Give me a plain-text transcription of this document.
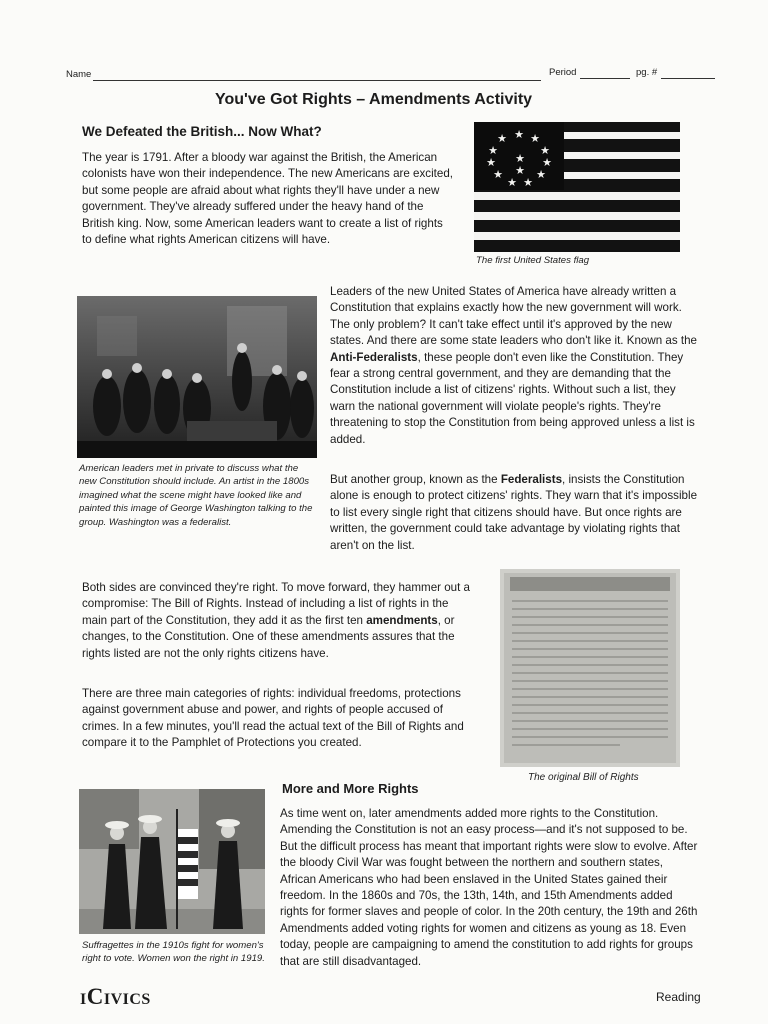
Name	Period	pg. #
You've Got Rights – Amendments Activity
We Defeated the British... Now What?
The year is 1791. After a bloody war against the British, the American colonists have won their independence. The new Americans are excited, but some people are afraid about what rights they'll have under a new government. They've already suffered under the heavy hand of the British king. Now, some American leaders want to create a list of rights to define what rights American citizens will have.
★ ★
★
★
★
★
★
★
★
★
★
★
★
The first United States flag
American leaders met in private to discuss what the new Constitution should include. An artist in the 1800s imagined what the scene might have looked like and painted this image of George Washington talking to the group. Washington was a federalist.

Leaders of the new United States of America have already written a Constitution that explains exactly how the new government will work. The only problem? It can't take effect until it's approved by the new states. And there are some state leaders who don't like it. Known as the Anti-Federalists, these people don't even like the Constitution. They fear a strong central government, and they are demanding that the Constitution include a list of citizens' rights. Without such a list, they warn the national government will violate people's rights. They're threatening to stop the Constitution from being approved unless a list is added.

But another group, known as the Federalists, insists the Constitution alone is enough to protect citizens' rights. They warn that it's impossible to list every single right that citizens should have. But once rights are written, the government could take advantage by violating rights that aren't on the list.

Both sides are convinced they're right. To move forward, they hammer out a compromise: The Bill of Rights. Instead of including a list of rights in the main part of the Constitution, they add it as the first ten amendments, or changes, to the Constitution. One of these amendments assures that the rights listed are not the only rights citizens have.

There are three main categories of rights: individual freedoms, protections against government abuse and power, and rights of people accused of crimes. In a few minutes, you'll read the actual text of the Bill of Rights and compare it to the Pamphlet of Protections you created.

The original Bill of Rights
More and More Rights

As time went on, later amendments added more rights to the Constitution. Amending the Constitution is not an easy process—and it's not supposed to be. But the difficult process has meant that important rights were slow to evolve. After the bloody Civil War was fought between the northern and southern states, African Americans who had been enslaved in the United States gained their freedom. In the 1860s and 70s, the 13th, 14th, and 15th Amendments added rights for former slaves and people of color. In the 20th century, the 19th and 26th Amendments added voting rights for women and citizens as young as 18. Even today, people are campaigning to amend the constitution to add rights for groups that are still disadvantaged.

Suffragettes in the 1910s fight for women's right to vote. Women won the right in 1919.
iCivics	Reading
